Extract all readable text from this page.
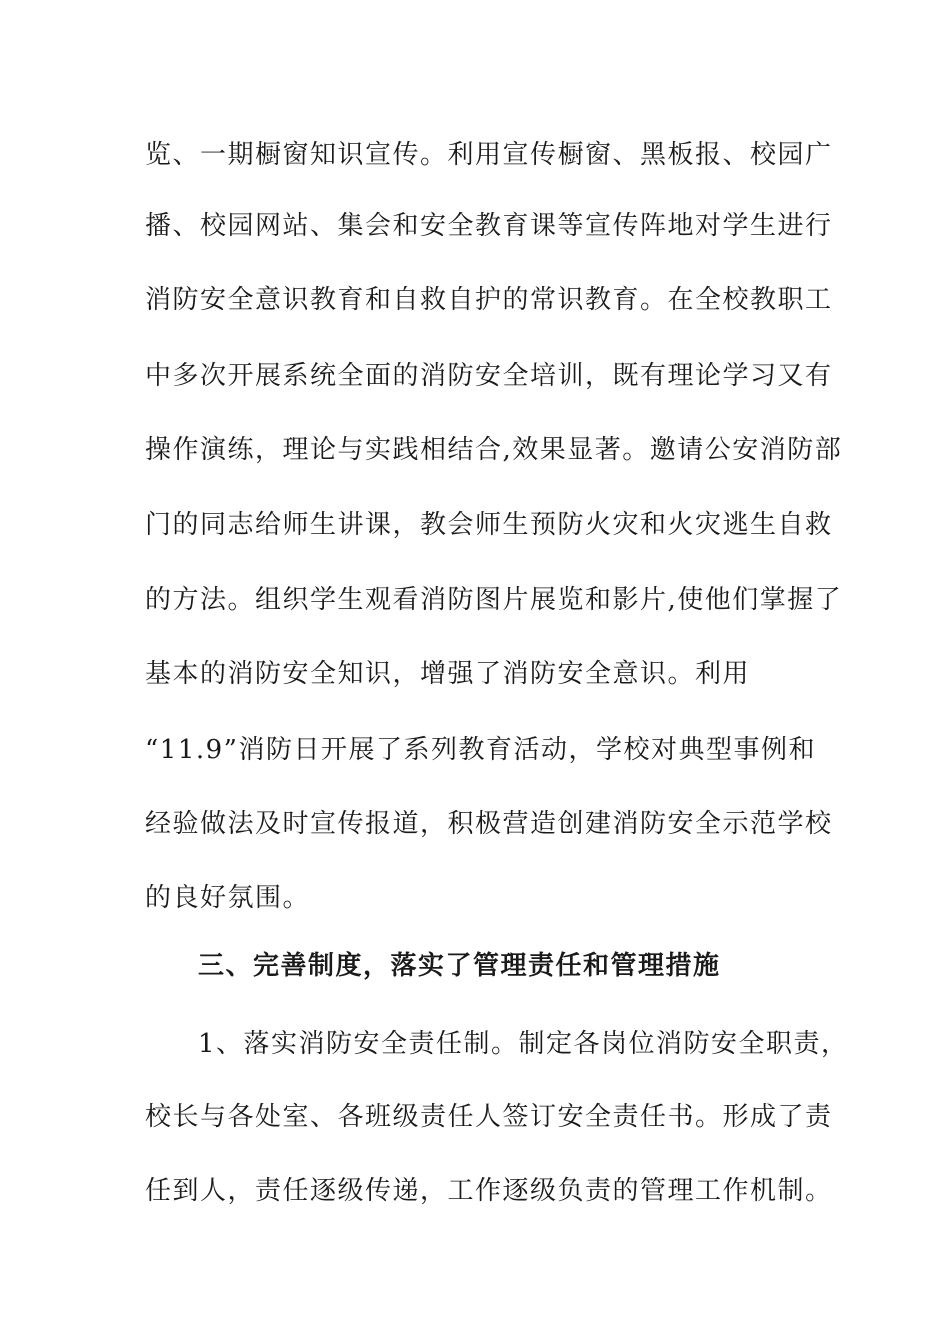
览、一期橱窗知识宣传。利用宣传橱窗、黑板报、校园广
播、校园网站、集会和安全教育课等宣传阵地对学生进行
消防安全意识教育和自救自护的常识教育。在全校教职工
中多次开展系统全面的消防安全培训，既有理论学习又有
操作演练，理论与实践相结合,效果显著。邀请公安消防部
门的同志给师生讲课，教会师生预防火灾和火灾逃生自救
的方法。组织学生观看消防图片展览和影片,使他们掌握了
基本的消防安全知识，增强了消防安全意识。利用
“11.9”消防日开展了系列教育活动，学校对典型事例和
经验做法及时宣传报道，积极营造创建消防安全示范学校
的良好氛围。
三、完善制度，落实了管理责任和管理措施
1、落实消防安全责任制。制定各岗位消防安全职责，
校长与各处室、各班级责任人签订安全责任书。形成了责
任到人，责任逐级传递，工作逐级负责的管理工作机制。
